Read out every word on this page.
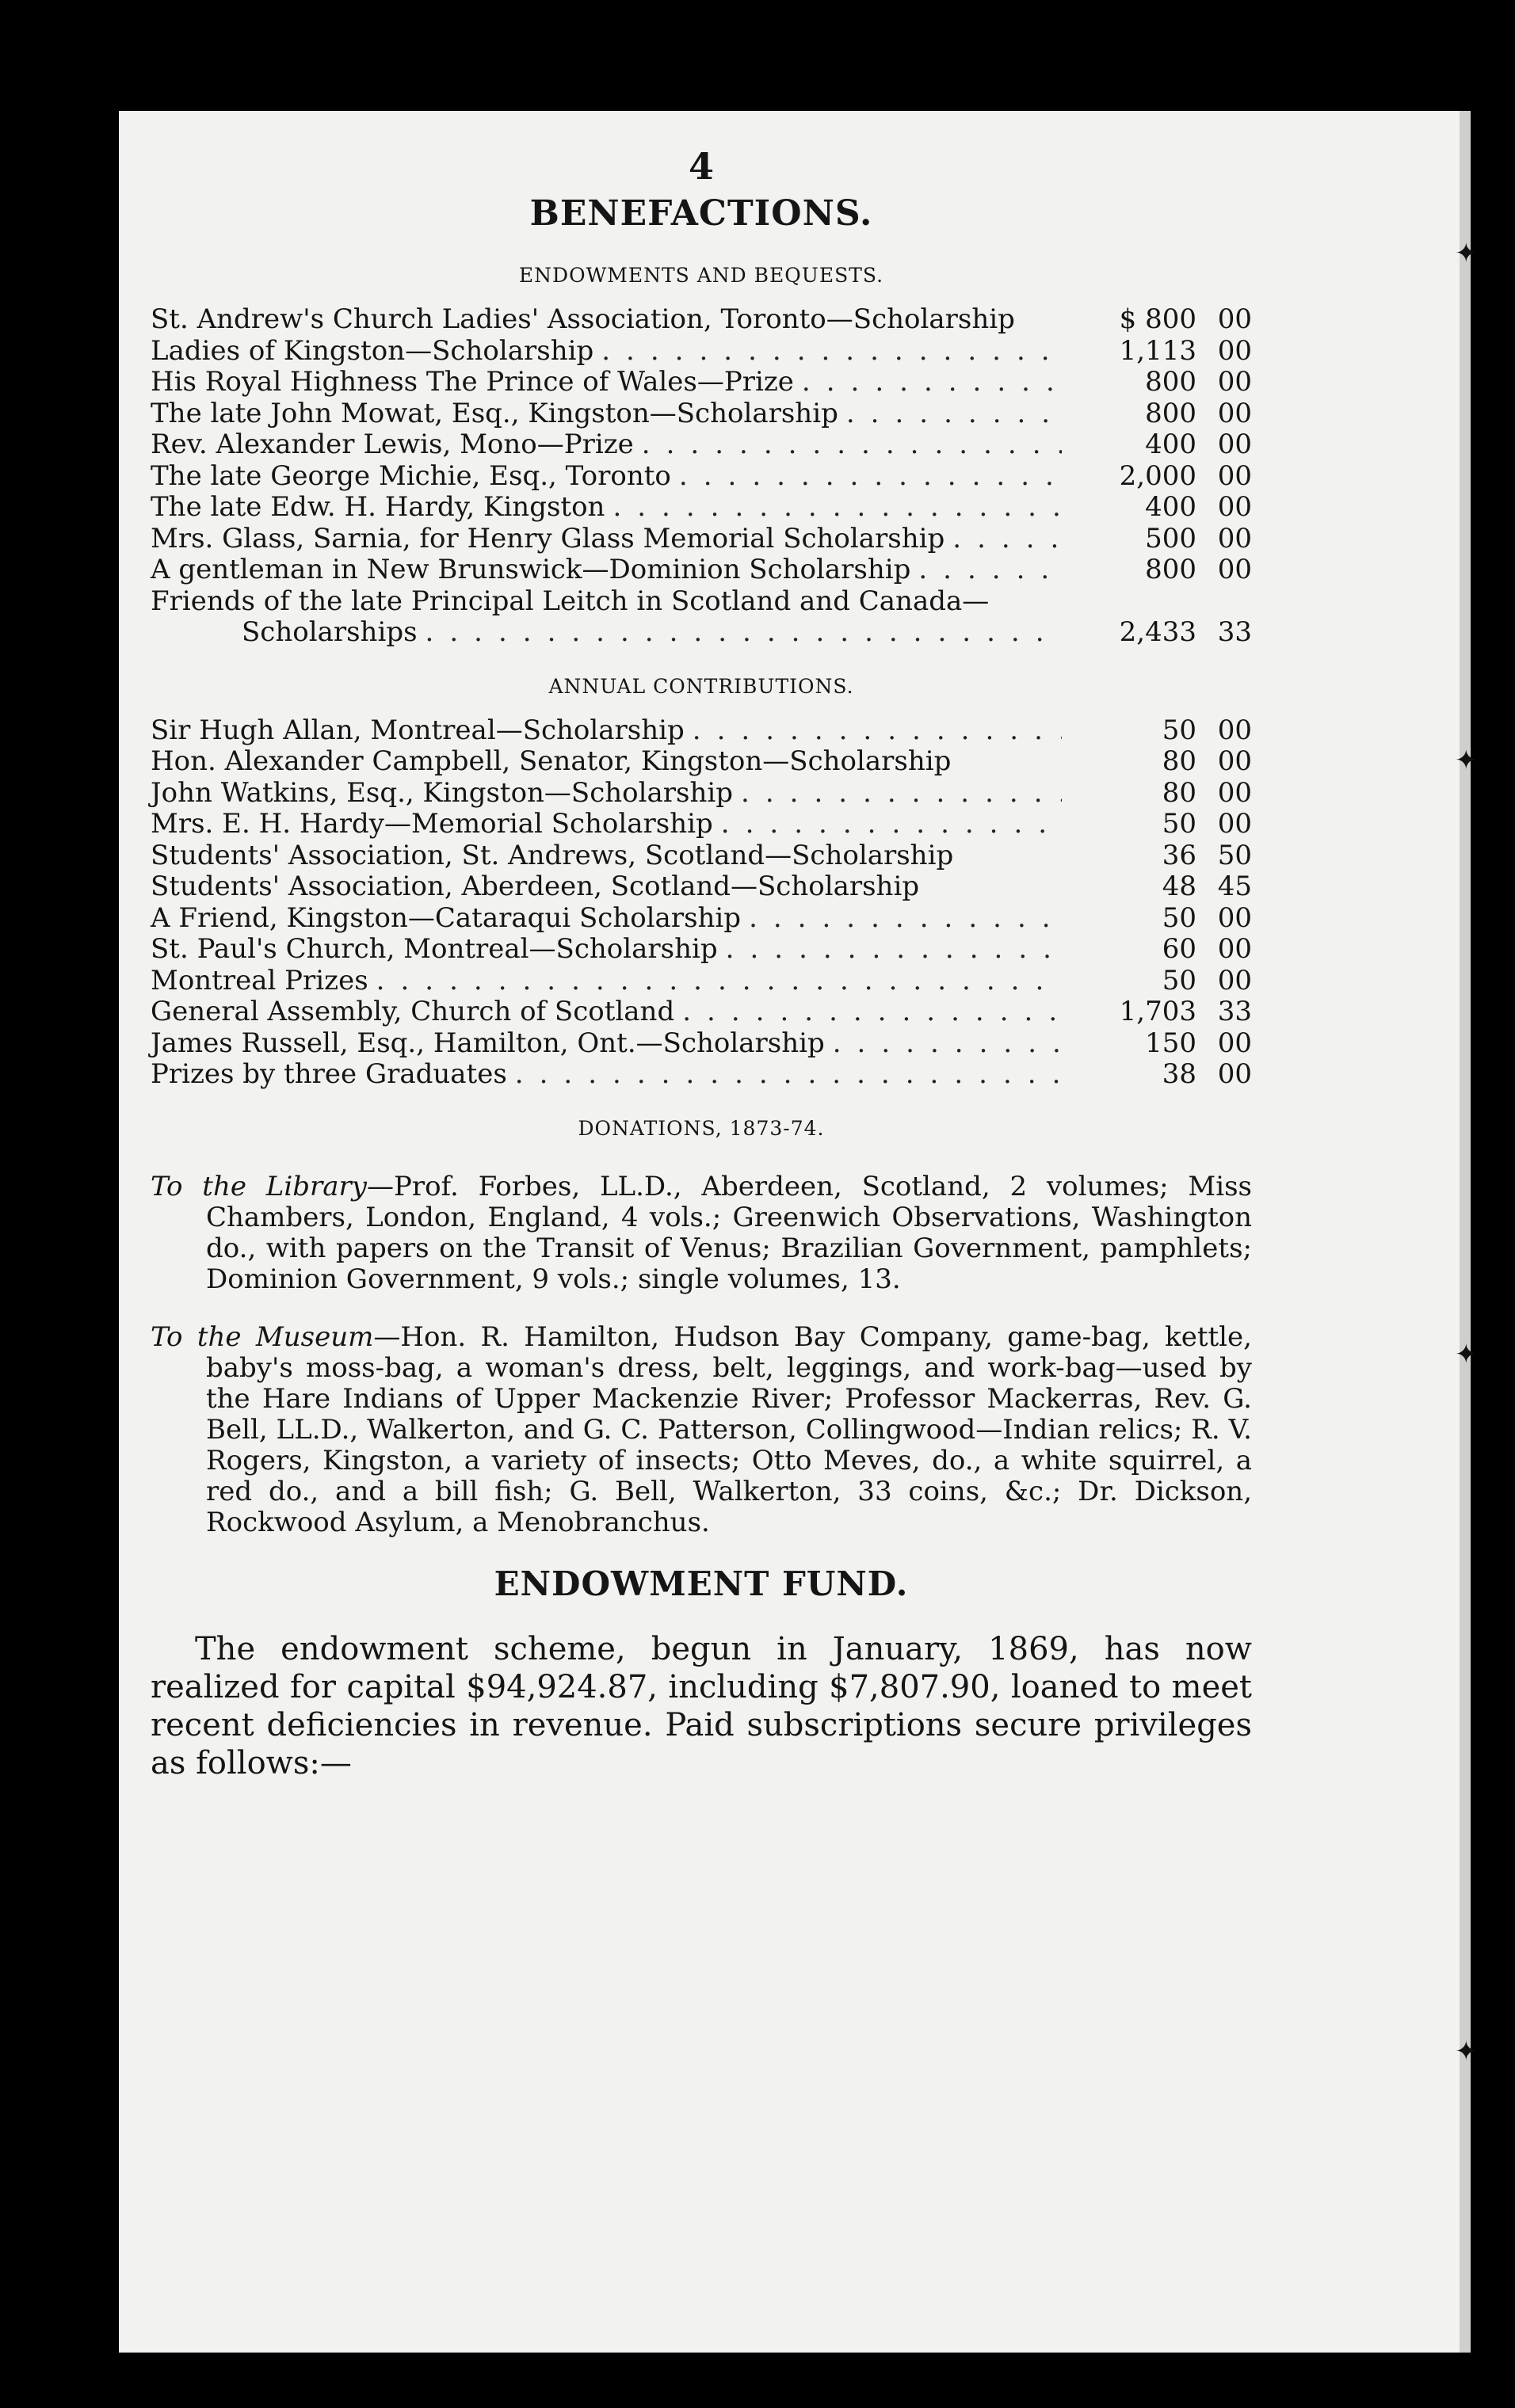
✦
✦
✦
✦
4
BENEFACTIONS.
ENDOWMENTS AND BEQUESTS.
St. Andrew's Church Ladies' Association, Toronto—Scholarship	$ 800 00
Ladies of Kingston—Scholarship .....	1,113 00
His Royal Highness The Prince of Wales—Prize .....	800 00
The late John Mowat, Esq., Kingston—Scholarship .....	800 00
Rev. Alexander Lewis, Mono—Prize .....	400 00
The late George Michie, Esq., Toronto .....	2,000 00
The late Edw. H. Hardy, Kingston .....	400 00
Mrs. Glass, Sarnia, for Henry Glass Memorial Scholarship .....	500 00
A gentleman in New Brunswick—Dominion Scholarship .....	800 00
Friends of the late Principal Leitch in Scotland and Canada—
Scholarships .....	2,433 33
ANNUAL CONTRIBUTIONS.
Sir Hugh Allan, Montreal—Scholarship .....	50 00
Hon. Alexander Campbell, Senator, Kingston—Scholarship	80 00
John Watkins, Esq., Kingston—Scholarship .....	80 00
Mrs. E. H. Hardy—Memorial Scholarship .....	50 00
Students' Association, St. Andrews, Scotland—Scholarship	36 50
Students' Association, Aberdeen, Scotland—Scholarship	48 45
A Friend, Kingston—Cataraqui Scholarship .....	50 00
St. Paul's Church, Montreal—Scholarship .....	60 00
Montreal Prizes .....	50 00
General Assembly, Church of Scotland .....	1,703 33
James Russell, Esq., Hamilton, Ont.—Scholarship .....	150 00
Prizes by three Graduates .....	38 00
DONATIONS, 1873-74.

To the Library—Prof. Forbes, LL.D., Aberdeen, Scotland, 2 volumes; Miss Chambers, London, England, 4 vols.; Greenwich Observations, Washington do., with papers on the Transit of Venus; Brazilian Government, pamphlets; Dominion Government, 9 vols.; single volumes, 13.

To the Museum—Hon. R. Hamilton, Hudson Bay Company, game-bag, kettle, baby's moss-bag, a woman's dress, belt, leggings, and work-bag—used by the Hare Indians of Upper Mackenzie River; Professor Mackerras, Rev. G. Bell, LL.D., Walkerton, and G. C. Patterson, Collingwood—Indian relics; R. V. Rogers, Kingston, a variety of insects; Otto Meves, do., a white squirrel, a red do., and a bill fish; G. Bell, Walkerton, 33 coins, &c.; Dr. Dickson, Rockwood Asylum, a Menobranchus.

ENDOWMENT FUND.
The endowment scheme, begun in January, 1869, has now realized for capital $94,924.87, including $7,807.90, loaned to meet recent deficiencies in revenue. Paid subscriptions secure privileges as follows:—
